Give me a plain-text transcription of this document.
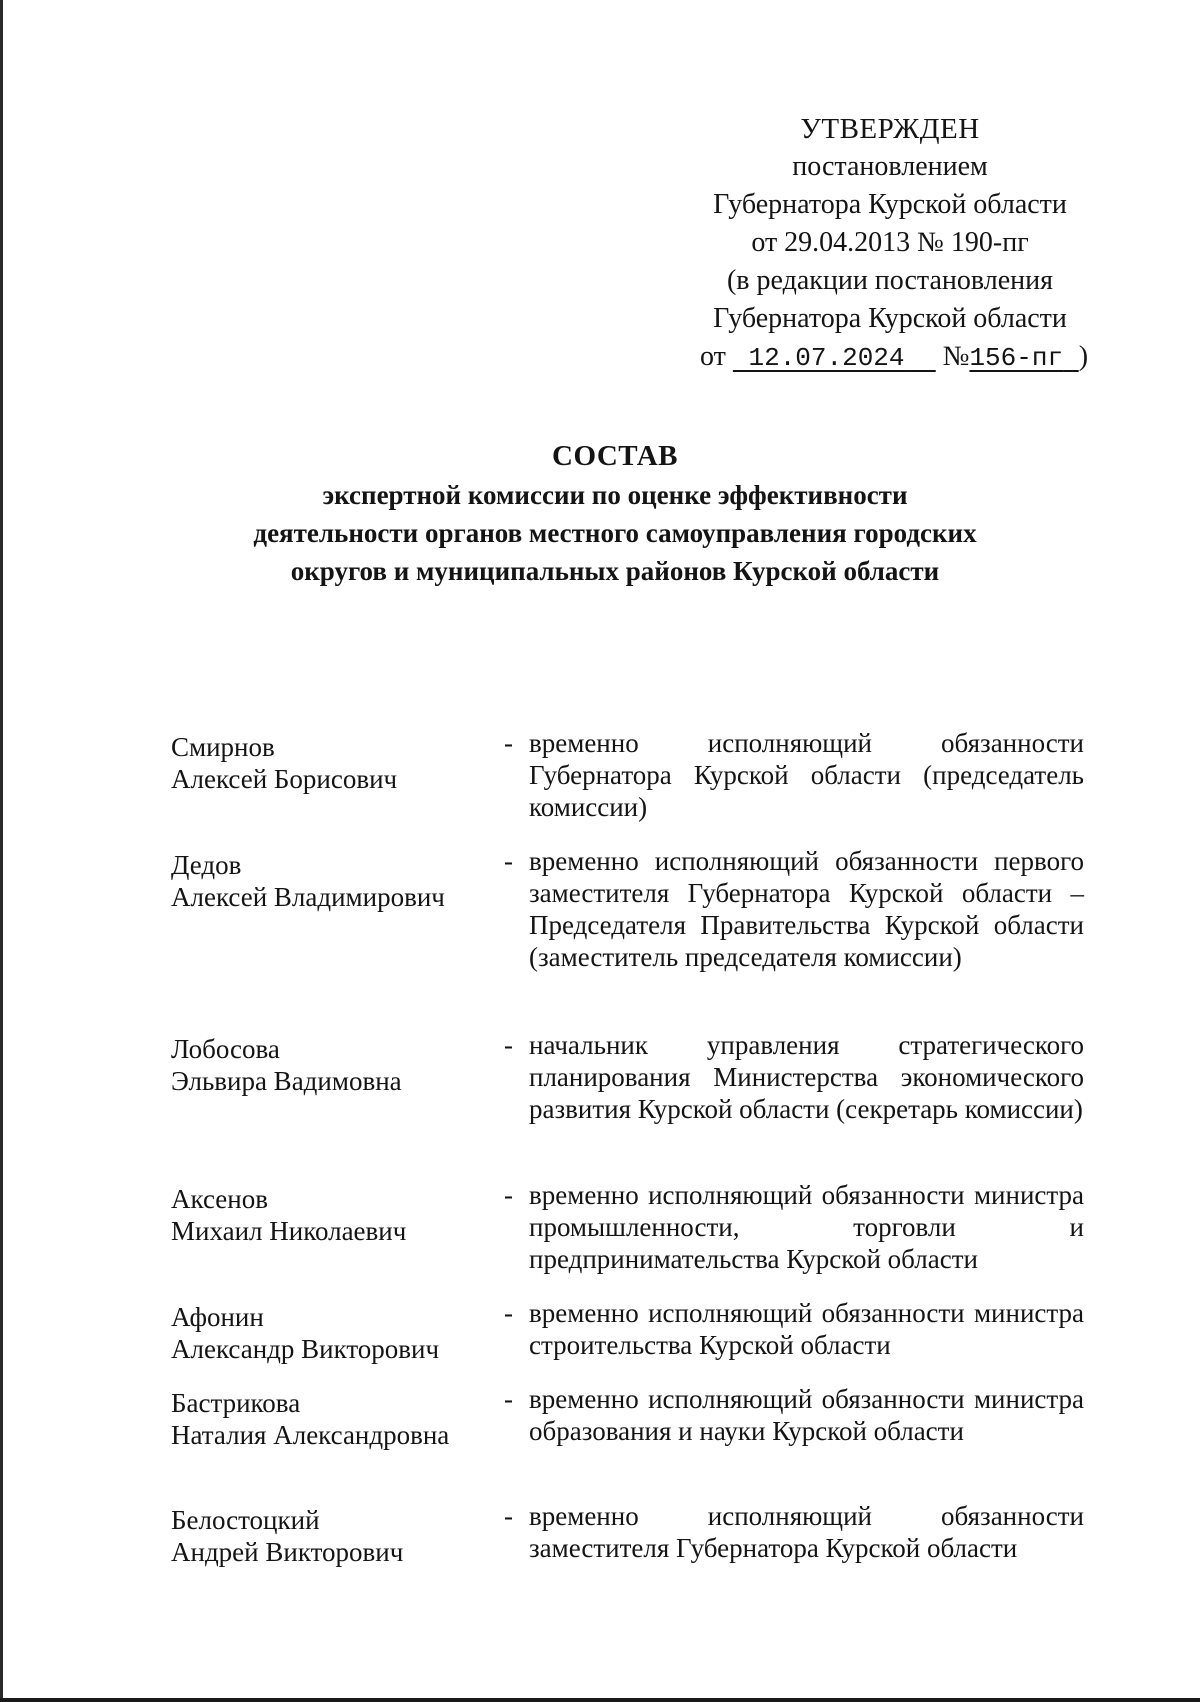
УТВЕРЖДЕН
постановлением
Губернатора Курской области
от 29.04.2013 № 190-пг
(в редакции постановления
Губернатора Курской области
от 12.07.2024 №156-пг )
СОСТАВ
экспертной комиссии по оценке эффективности
деятельности органов местного самоуправления городских
округов и муниципальных районов Курской области
Смирнов
Алексей Борисович
- временно исполняющий обязанности Губернатора Курской области (председатель комиссии)
Дедов
Алексей Владимирович
- временно исполняющий обязанности первого заместителя Губернатора Курской области – Председателя Правительства Курской области (заместитель председателя комиссии)
Лобосова
Эльвира Вадимовна
- начальник управления стратегического планирования Министерства экономического развития Курской области (секретарь комиссии)
Аксенов
Михаил Николаевич
- временно исполняющий обязанности министра промышленности, торговли и предпринимательства Курской области
Афонин
Александр Викторович
- временно исполняющий обязанности министра строительства Курской области
Бастрикова
Наталия Александровна
- временно исполняющий обязанности министра образования и науки Курской области
Белостоцкий
Андрей Викторович
- временно исполняющий обязанности заместителя Губернатора Курской области
